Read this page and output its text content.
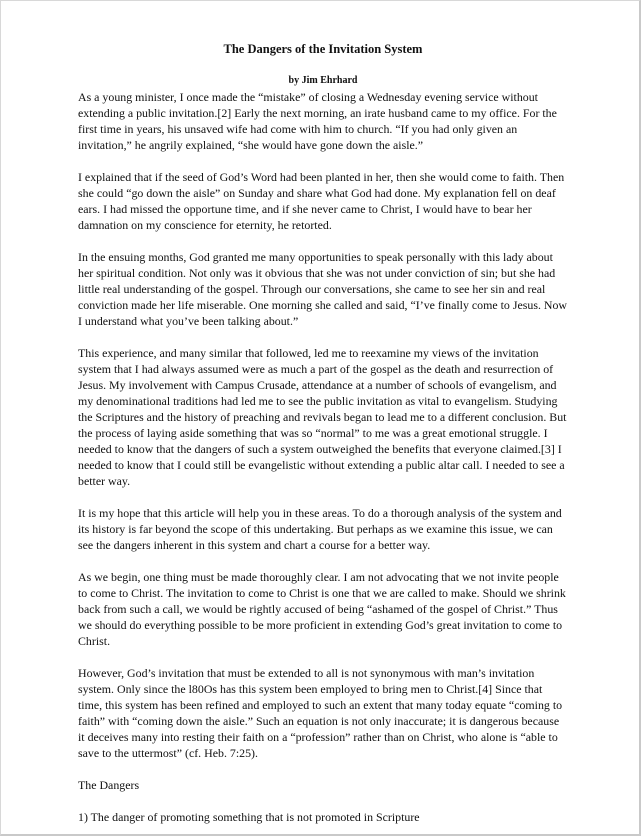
The Dangers of the Invitation System
by Jim Ehrhard

As a young minister, I once made the “mistake” of closing a Wednesday evening service without extending a public invitation.[2] Early the next morning, an irate husband came to my office. For the first time in years, his unsaved wife had come with him to church. “If you had only given an invitation,” he angrily explained, “she would have gone down the aisle.”

I explained that if the seed of God’s Word had been planted in her, then she would come to faith. Then she could “go down the aisle” on Sunday and share what God had done. My explanation fell on deaf ears. I had missed the opportune time, and if she never came to Christ, I would have to bear her damnation on my conscience for eternity, he retorted.

In the ensuing months, God granted me many opportunities to speak personally with this lady about her spiritual condition. Not only was it obvious that she was not under conviction of sin; but she had little real understanding of the gospel. Through our conversations, she came to see her sin and real conviction made her life miserable. One morning she called and said, “I’ve finally come to Jesus. Now I understand what you’ve been talking about.”

This experience, and many similar that followed, led me to reexamine my views of the invitation system that I had always assumed were as much a part of the gospel as the death and resurrection of Jesus. My involvement with Campus Crusade, attendance at a number of schools of evangelism, and my denominational traditions had led me to see the public invitation as vital to evangelism. Studying the Scriptures and the history of preaching and revivals began to lead me to a different conclusion. But the process of laying aside something that was so “normal” to me was a great emotional struggle. I needed to know that the dangers of such a system outweighed the benefits that everyone claimed.[3] I needed to know that I could still be evangelistic without extending a public altar call. I needed to see a better way.

It is my hope that this article will help you in these areas. To do a thorough analysis of the system and its history is far beyond the scope of this undertaking. But perhaps as we examine this issue, we can see the dangers inherent in this system and chart a course for a better way.

As we begin, one thing must be made thoroughly clear. I am not advocating that we not invite people to come to Christ. The invitation to come to Christ is one that we are called to make. Should we shrink back from such a call, we would be rightly accused of being “ashamed of the gospel of Christ.” Thus we should do everything possible to be more proficient in extending God’s great invitation to come to Christ.

However, God’s invitation that must be extended to all is not synonymous with man’s invitation system. Only since the l80Os has this system been employed to bring men to Christ.[4] Since that time, this system has been refined and employed to such an extent that many today equate “coming to faith” with “coming down the aisle.” Such an equation is not only inaccurate; it is dangerous because it deceives many into resting their faith on a “profession” rather than on Christ, who alone is “able to save to the uttermost” (cf. Heb. 7:25).

The Dangers

1) The danger of promoting something that is not promoted in Scripture
